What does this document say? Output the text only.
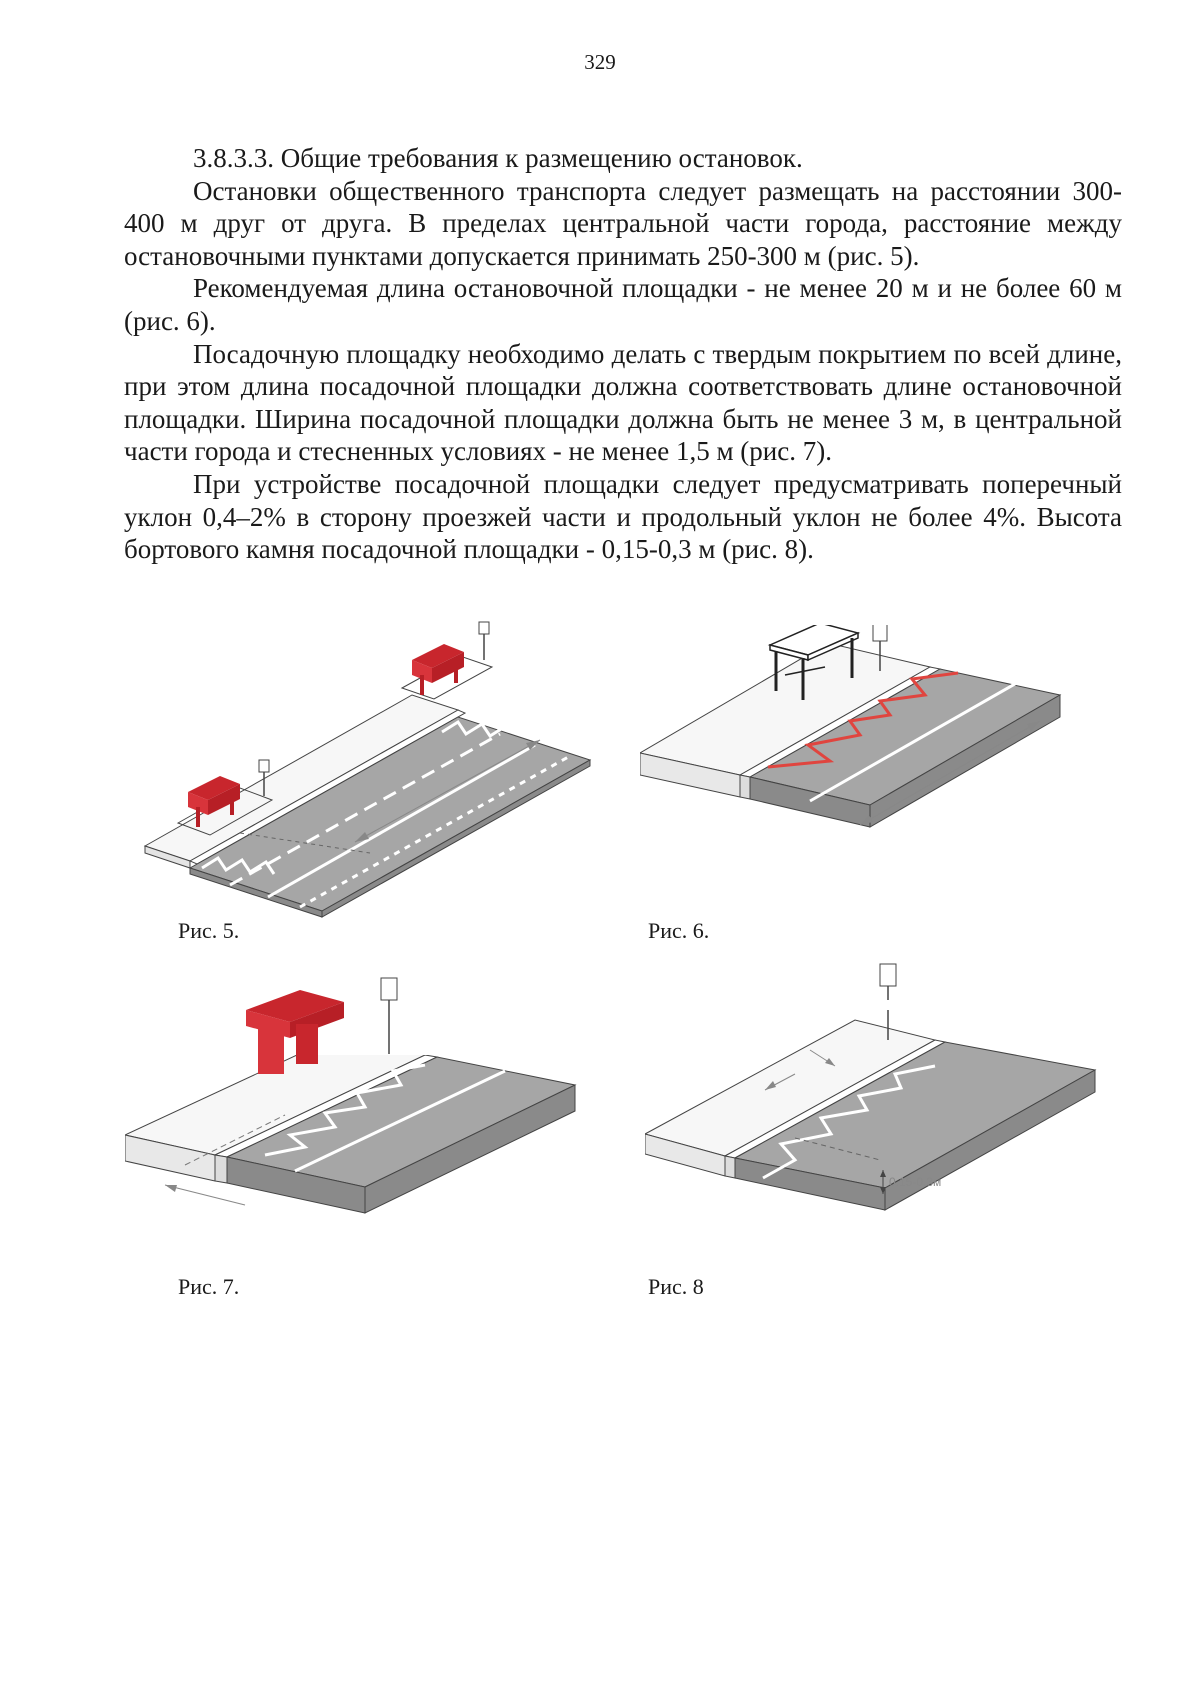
329

3.8.3.3. Общие требования к размещению остановок.

Остановки общественного транспорта следует размещать на расстоянии 300-400 м друг от друга. В пределах центральной части города, расстояние между остановочными пунктами допускается принимать 250-300 м (рис. 5).

Рекомендуемая длина остановочной площадки - не менее 20 м и не более 60 м (рис. 6).

Посадочную площадку необходимо делать с твердым покрытием по всей длине, при этом длина посадочной площадки должна соответствовать длине остановочной площадки. Ширина посадочной площадки должна быть не менее 3 м, в центральной части города и стесненных условиях - не менее 1,5 м (рис. 7).

При устройстве посадочной площадки следует предусматривать поперечный уклон 0,4–2% в сторону проезжей части и продольный уклон не более 4%. Высота бортового камня посадочной площадки - 0,15-0,3 м (рис. 8).

0.15-0.3м
Рис. 5.	Рис. 6.
Рис. 7.	Рис. 8
